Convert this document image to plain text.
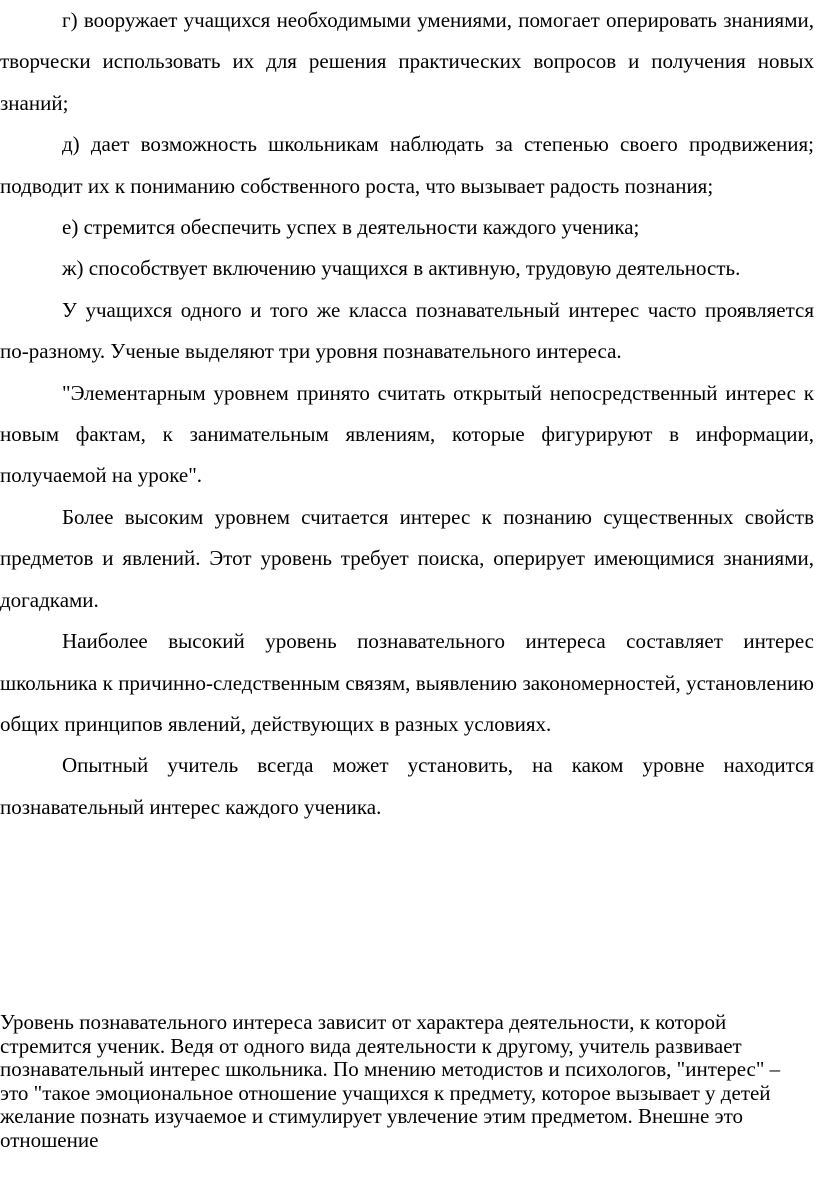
г) вооружает учащихся необходимыми умениями, помогает оперировать знаниями, творчески использовать их для решения практических вопросов и получения новых знаний;

д) дает возможность школьникам наблюдать за степенью своего продвижения; подводит их к пониманию собственного роста, что вызывает радость познания;

е) стремится обеспечить успех в деятельности каждого ученика;

ж) способствует включению учащихся в активную, трудовую деятельность.

У учащихся одного и того же класса познавательный интерес часто проявляется по-разному. Ученые выделяют три уровня познавательного интереса.

"Элементарным уровнем принято считать открытый непосредственный интерес к новым фактам, к занимательным явлениям, которые фигурируют в информации, получаемой на уроке".

Более высоким уровнем считается интерес к познанию существенных свойств предметов и явлений. Этот уровень требует поиска, оперирует имеющимися знаниями, догадками.

Наиболее высокий уровень познавательного интереса составляет интерес школьника к причинно-следственным связям, выявлению закономерностей, установлению общих принципов явлений, действующих в разных условиях.

Опытный учитель всегда может установить, на каком уровне находится познавательный интерес каждого ученика.

Уровень познавательного интереса зависит от характера деятельности, к которой стремится ученик. Ведя от одного вида деятельности к другому, учитель развивает познавательный интерес школьника. По мнению методистов и психологов, "интерес" – это "такое эмоциональное отношение учащихся к предмету, которое вызывает у детей желание познать изучаемое и стимулирует увлечение этим предметом. Внешне это отношение
